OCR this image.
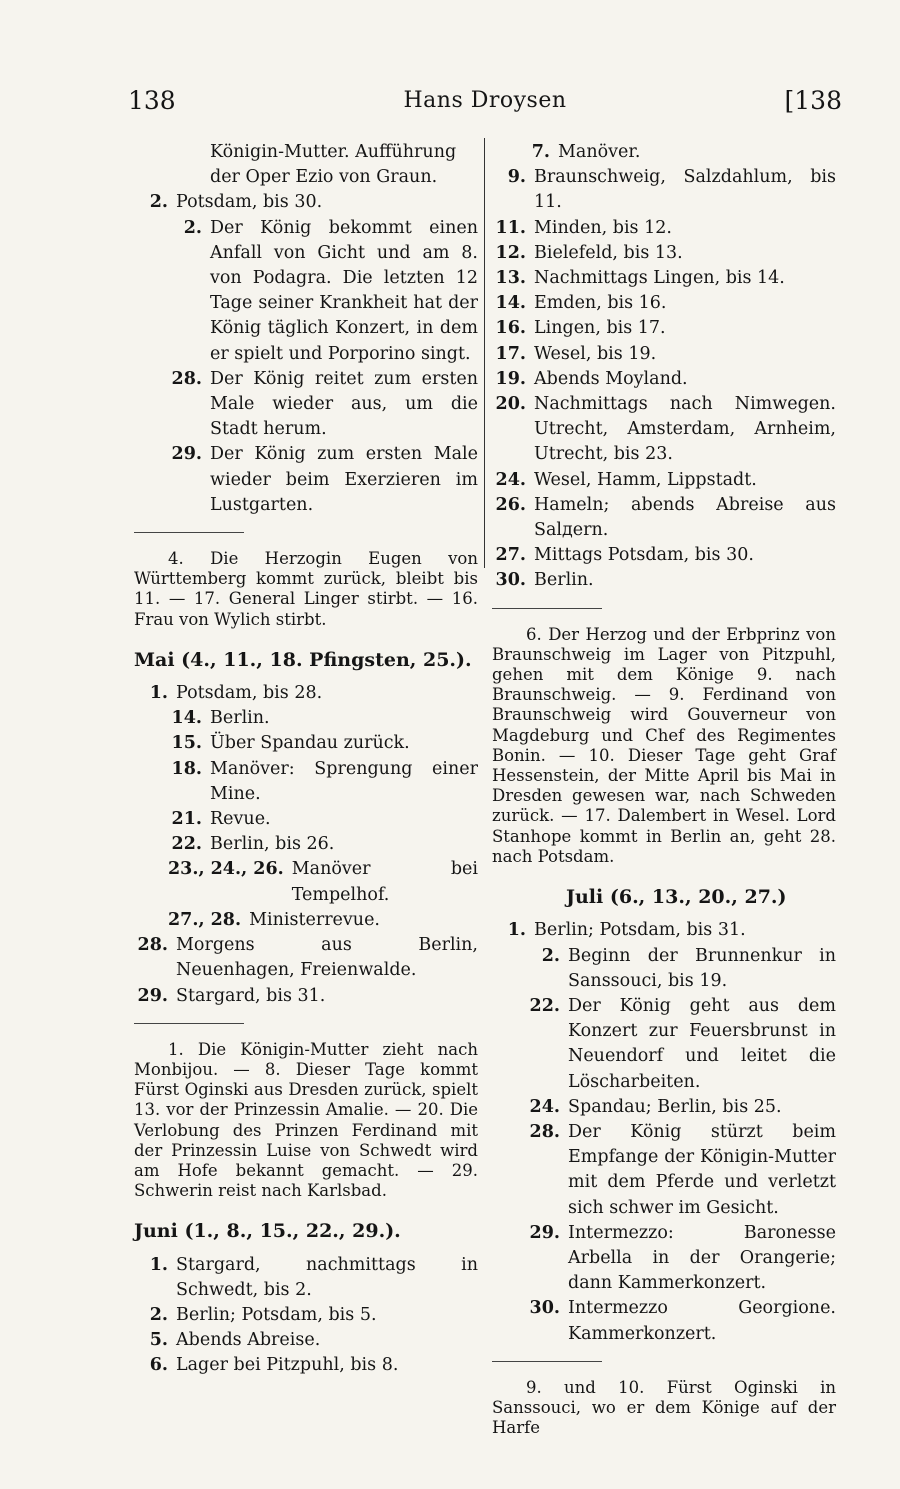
138	Hans Droysen	[138
Königin-Mutter. Aufführung
der Oper Ezio von Graun.
2. Potsdam, bis 30.
2. Der König bekommt einen Anfall von Gicht und am 8. von Podagra. Die letzten 12 Tage seiner Krankheit hat der König täglich Konzert, in dem er spielt und Porporino singt.
28. Der König reitet zum ersten Male wieder aus, um die Stadt herum.
29. Der König zum ersten Male wieder beim Exerzieren im Lustgarten.
4. Die Herzogin Eugen von Württemberg kommt zurück, bleibt bis 11. — 17. General Linger stirbt. — 16. Frau von Wylich stirbt.
Mai (4., 11., 18. Pfingsten, 25.).
1. Potsdam, bis 28.
14. Berlin.
15. Über Spandau zurück.
18. Manöver: Sprengung einer Mine.
21. Revue.
22. Berlin, bis 26.
23., 24., 26. Manöver bei Tempelhof.
27., 28. Ministerrevue.
28. Morgens aus Berlin, Neuenhagen, Freienwalde.
29. Stargard, bis 31.
1. Die Königin-Mutter zieht nach Monbijou. — 8. Dieser Tage kommt Fürst Oginski aus Dresden zurück, spielt 13. vor der Prinzessin Amalie. — 20. Die Verlobung des Prinzen Ferdinand mit der Prinzessin Luise von Schwedt wird am Hofe bekannt gemacht. — 29. Schwerin reist nach Karlsbad.
Juni (1., 8., 15., 22., 29.).
1. Stargard, nachmittags in Schwedt, bis 2.
2. Berlin; Potsdam, bis 5.
5. Abends Abreise.
6. Lager bei Pitzpuhl, bis 8.
7. Manöver.
9. Braunschweig, Salzdahlum, bis 11.
11. Minden, bis 12.
12. Bielefeld, bis 13.
13. Nachmittags Lingen, bis 14.
14. Emden, bis 16.
16. Lingen, bis 17.
17. Wesel, bis 19.
19. Abends Moyland.
20. Nachmittags nach Nimwegen. Utrecht, Amsterdam, Arnheim, Utrecht, bis 23.
24. Wesel, Hamm, Lippstadt.
26. Hameln; abends Abreise aus Salдern.
27. Mittags Potsdam, bis 30.
30. Berlin.
6. Der Herzog und der Erbprinz von Braunschweig im Lager von Pitzpuhl, gehen mit dem Könige 9. nach Braunschweig. — 9. Ferdinand von Braunschweig wird Gouverneur von Magdeburg und Chef des Regimentes Bonin. — 10. Dieser Tage geht Graf Hessenstein, der Mitte April bis Mai in Dresden gewesen war, nach Schweden zurück. — 17. Dalembert in Wesel. Lord Stanhope kommt in Berlin an, geht 28. nach Potsdam.
Juli (6., 13., 20., 27.)
1. Berlin; Potsdam, bis 31.
2. Beginn der Brunnenkur in Sanssouci, bis 19.
22. Der König geht aus dem Konzert zur Feuersbrunst in Neuendorf und leitet die Löscharbeiten.
24. Spandau; Berlin, bis 25.
28. Der König stürzt beim Empfange der Königin-Mutter mit dem Pferde und verletzt sich schwer im Gesicht.
29. Intermezzo: Baronesse Arbella in der Orangerie; dann Kammerkonzert.
30. Intermezzo Georgione. Kammerkonzert.
9. und 10. Fürst Oginski in Sanssouci, wo er dem Könige auf der Harfe
